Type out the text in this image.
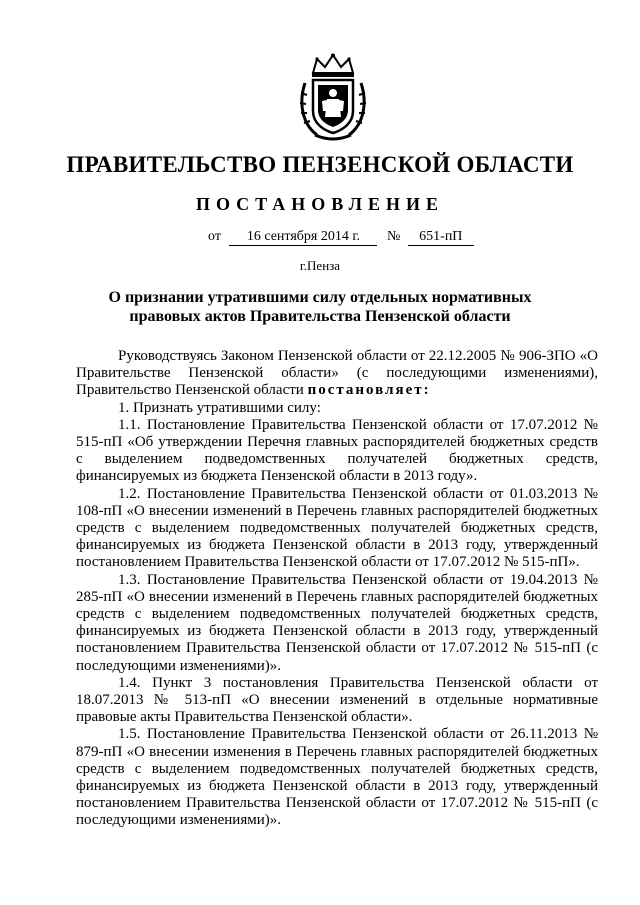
ПРАВИТЕЛЬСТВО ПЕНЗЕНСКОЙ ОБЛАСТИ
ПОСТАНОВЛЕНИЕ
от 16 сентября 2014 г. № 651-пП
г.Пенза
О признании утратившими силу отдельных нормативных
правовых актов Правительства Пензенской области

Руководствуясь Законом Пензенской области от 22.12.2005 № 906-ЗПО «О Правительстве Пензенской области» (с последующими изменениями), Правительство Пензенской области постановляет:

1. Признать утратившими силу:

1.1. Постановление Правительства Пензенской области от 17.07.2012 № 515-пП «Об утверждении Перечня главных распорядителей бюджетных средств с выделением подведомственных получателей бюджетных средств, финансируемых из бюджета Пензенской области в 2013 году».

1.2. Постановление Правительства Пензенской области от 01.03.2013 № 108-пП «О внесении изменений в Перечень главных распорядителей бюджетных средств с выделением подведомственных получателей бюджетных средств, финансируемых из бюджета Пензенской области в 2013 году, утвержденный постановлением Правительства Пензенской области от 17.07.2012 № 515-пП».

1.3. Постановление Правительства Пензенской области от 19.04.2013 № 285-пП «О внесении изменений в Перечень главных распорядителей бюджетных средств с выделением подведомственных получателей бюджетных средств, финансируемых из бюджета Пензенской области в 2013 году, утвержденный постановлением Правительства Пензенской области от 17.07.2012 № 515-пП (с последующими изменениями)».

1.4. Пункт 3 постановления Правительства Пензенской области от 18.07.2013 № 513-пП «О внесении изменений в отдельные нормативные правовые акты Правительства Пензенской области».

1.5. Постановление Правительства Пензенской области от 26.11.2013 № 879-пП «О внесении изменения в Перечень главных распорядителей бюджетных средств с выделением подведомственных получателей бюджетных средств, финансируемых из бюджета Пензенской области в 2013 году, утвержденный постановлением Правительства Пензенской области от 17.07.2012 № 515-пП (с последующими изменениями)».
